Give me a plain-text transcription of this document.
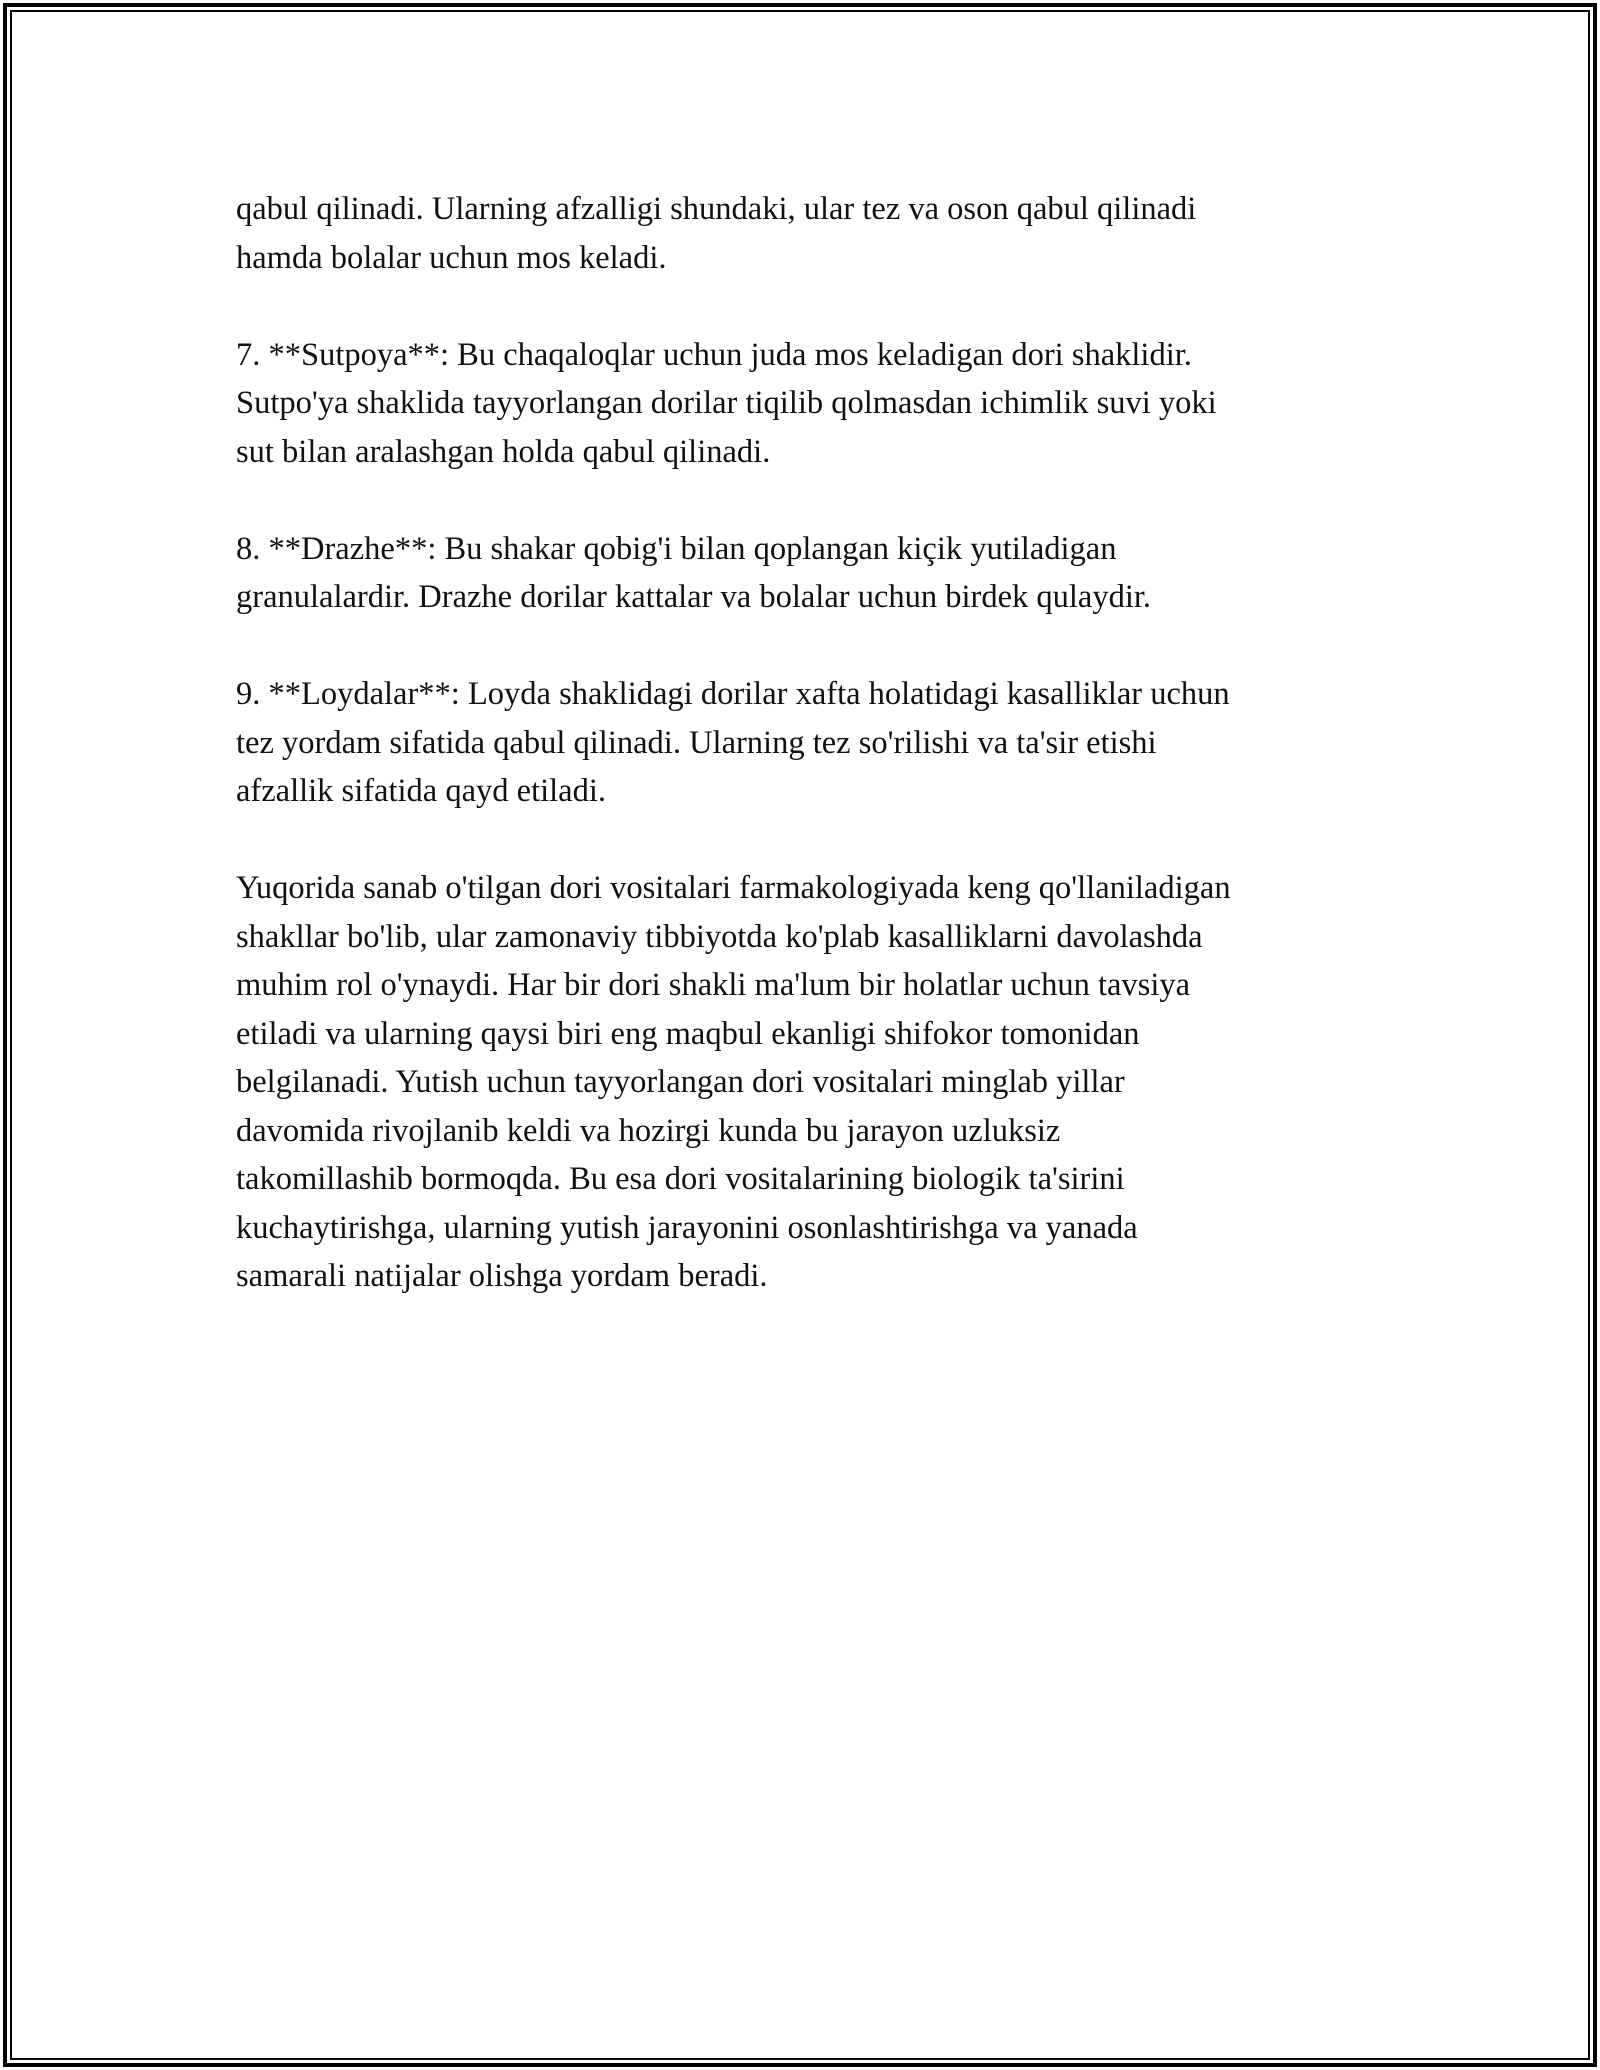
qabul qilinadi. Ularning afzalligi shundaki, ular tez va oson qabul qilinadi
hamda bolalar uchun mos keladi.

7. **Sutpoya**: Bu chaqaloqlar uchun juda mos keladigan dori shaklidir.
Sutpo'ya shaklida tayyorlangan dorilar tiqilib qolmasdan ichimlik suvi yoki
sut bilan aralashgan holda qabul qilinadi.

8. **Drazhe**: Bu shakar qobig'i bilan qoplangan kiçik yutiladigan
granulalardir. Drazhe dorilar kattalar va bolalar uchun birdek qulaydir.

9. **Loydalar**: Loyda shaklidagi dorilar xafta holatidagi kasalliklar uchun
tez yordam sifatida qabul qilinadi. Ularning tez so'rilishi va ta'sir etishi
afzallik sifatida qayd etiladi.

Yuqorida sanab o'tilgan dori vositalari farmakologiyada keng qo'llaniladigan
shakllar bo'lib, ular zamonaviy tibbiyotda ko'plab kasalliklarni davolashda
muhim rol o'ynaydi. Har bir dori shakli ma'lum bir holatlar uchun tavsiya
etiladi va ularning qaysi biri eng maqbul ekanligi shifokor tomonidan
belgilanadi. Yutish uchun tayyorlangan dori vositalari minglab yillar
davomida rivojlanib keldi va hozirgi kunda bu jarayon uzluksiz
takomillashib bormoqda. Bu esa dori vositalarining biologik ta'sirini
kuchaytirishga, ularning yutish jarayonini osonlashtirishga va yanada
samarali natijalar olishga yordam beradi.
